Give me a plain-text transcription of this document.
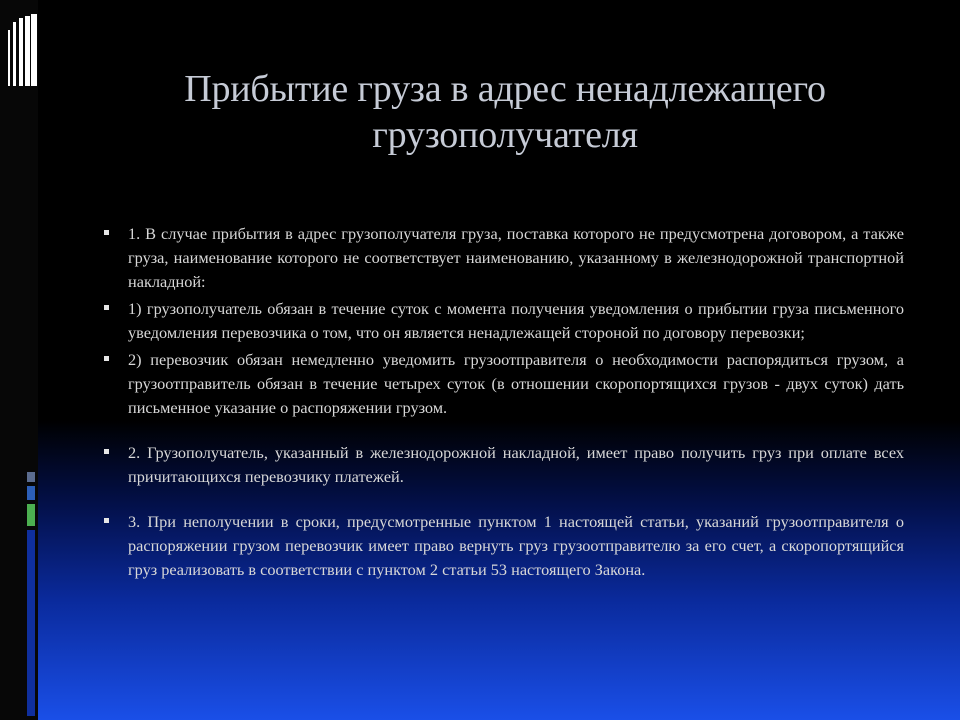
Прибытие груза в адрес ненадлежащего грузополучателя

1. В случае прибытия в адрес грузополучателя груза, поставка которого не предусмотрена договором, а также груза, наименование которого не соответствует наименованию, указанному в железнодорожной транспортной накладной:

1) грузополучатель обязан в течение суток с момента получения уведомления о прибытии груза письменного уведомления перевозчика о том, что он является ненадлежащей стороной по договору перевозки;

2) перевозчик обязан немедленно уведомить грузоотправителя о необходимости распорядиться грузом, а грузоотправитель обязан в течение четырех суток (в отношении скоропортящихся грузов - двух суток) дать письменное указание о распоряжении грузом.

2. Грузополучатель, указанный в железнодорожной накладной, имеет право получить груз при оплате всех причитающихся перевозчику платежей.

3. При неполучении в сроки, предусмотренные пунктом 1 настоящей статьи, указаний грузоотправителя о распоряжении грузом перевозчик имеет право вернуть груз грузоотправителю за его счет, а скоропортящийся груз реализовать в соответствии с пунктом 2 статьи 53 настоящего Закона.
